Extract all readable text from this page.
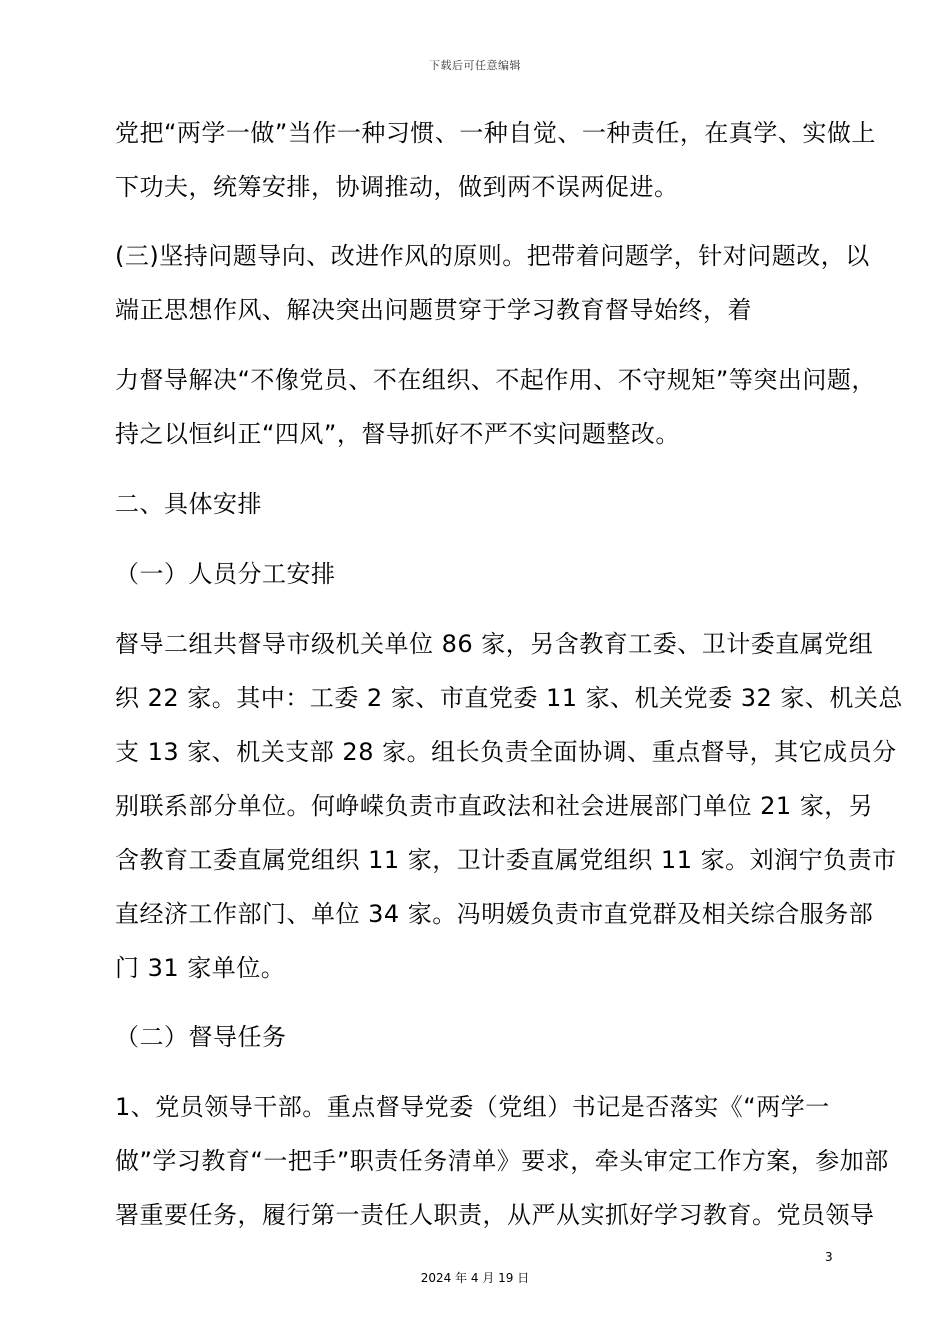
下载后可任意编辑
党把“两学一做”当作一种习惯、一种自觉、一种责任，在真学、实做上
下功夫，统筹安排，协调推动，做到两不误两促进。
(三)坚持问题导向、改进作风的原则。把带着问题学，针对问题改，以
端正思想作风、解决突出问题贯穿于学习教育督导始终，着
力督导解决“不像党员、不在组织、不起作用、不守规矩”等突出问题，
持之以恒纠正“四风”，督导抓好不严不实问题整改。
二、具体安排
（一）人员分工安排
督导二组共督导市级机关单位 86 家，另含教育工委、卫计委直属党组
织 22 家。其中：工委 2 家、市直党委 11 家、机关党委 32 家、机关总
支 13 家、机关支部 28 家。组长负责全面协调、重点督导，其它成员分
别联系部分单位。何峥嵘负责市直政法和社会进展部门单位 21 家，另
含教育工委直属党组织 11 家，卫计委直属党组织 11 家。刘润宁负责市
直经济工作部门、单位 34 家。冯明媛负责市直党群及相关综合服务部
门 31 家单位。
（二）督导任务
1、党员领导干部。重点督导党委（党组）书记是否落实《“两学一
做”学习教育“一把手”职责任务清单》要求，牵头审定工作方案，参加部
署重要任务，履行第一责任人职责，从严从实抓好学习教育。党员领导
3
2024 年 4 月 19 日
